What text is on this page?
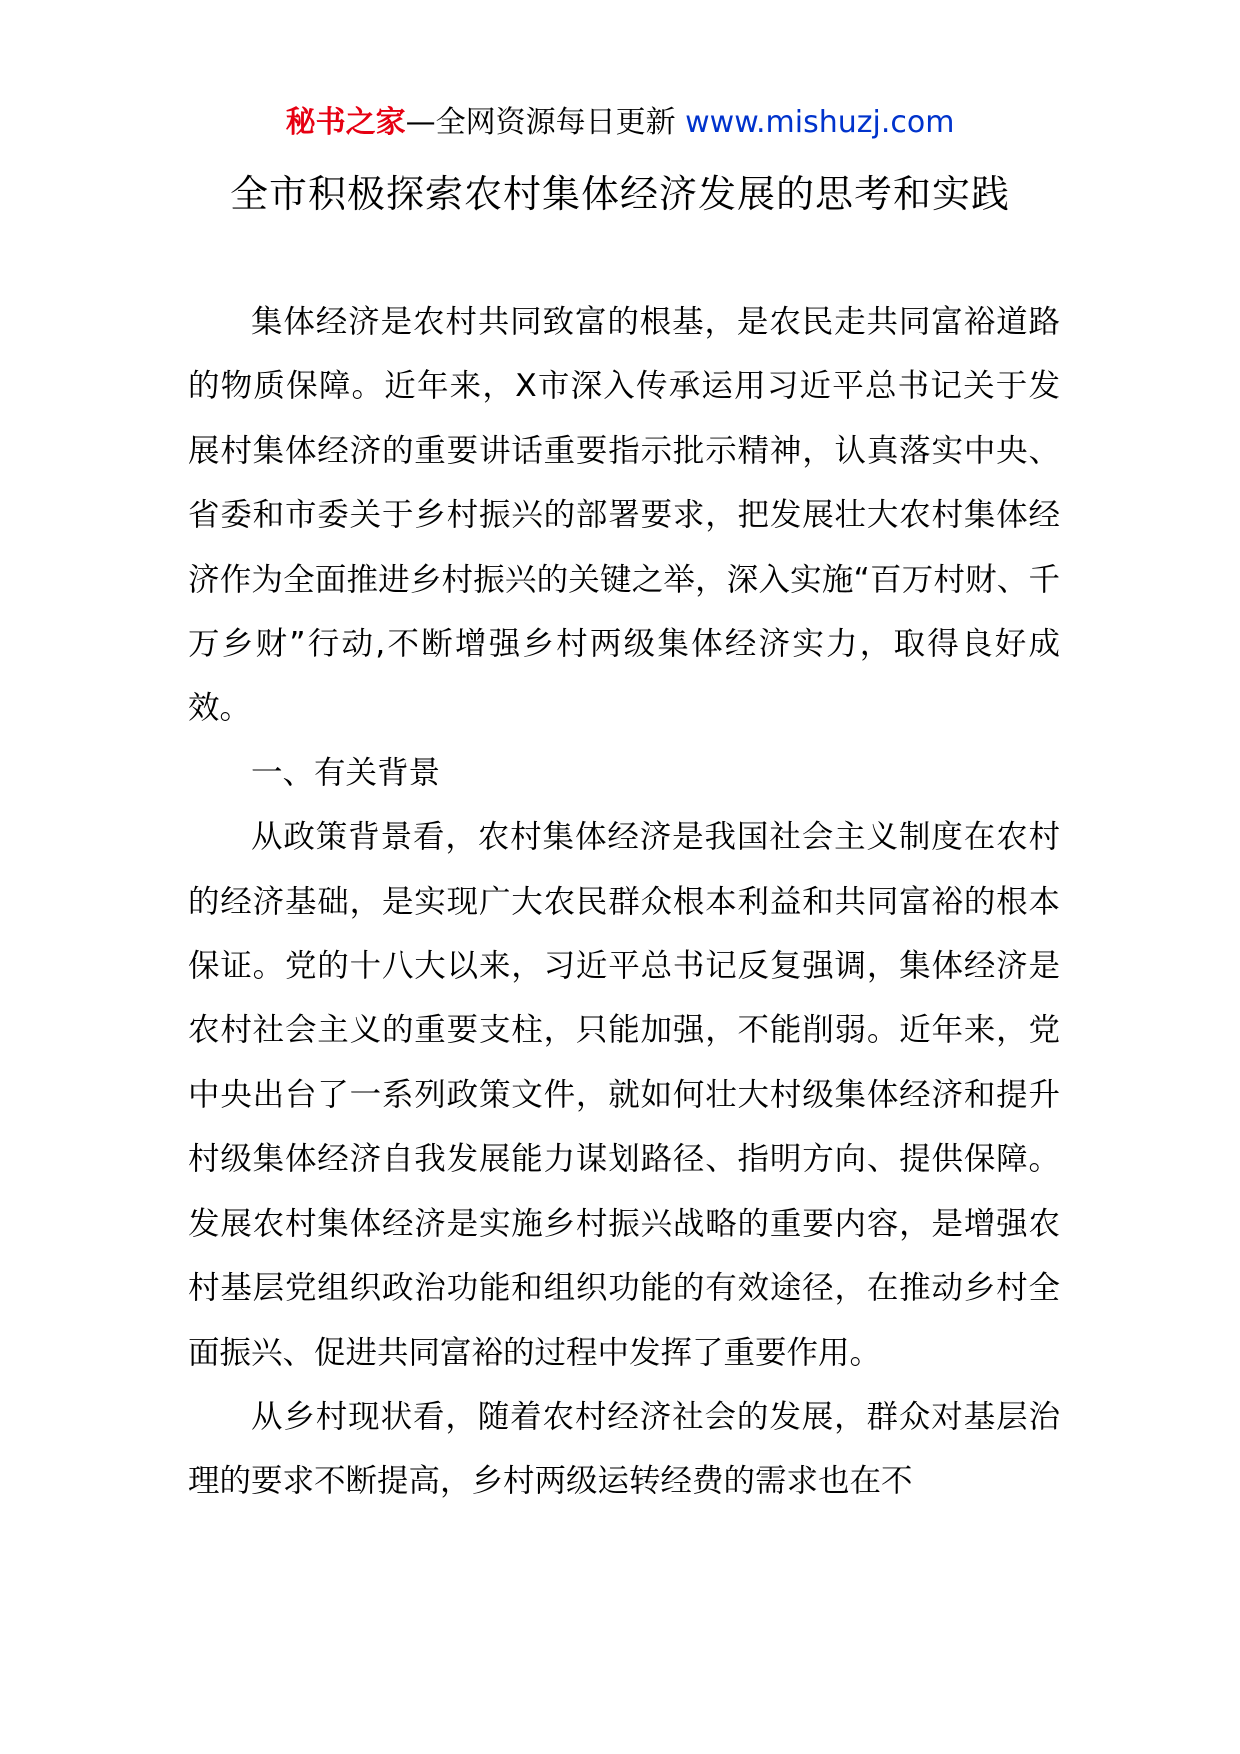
秘书之家—全网资源每日更新 www.mishuzj.com
全市积极探索农村集体经济发展的思考和实践

集体经济是农村共同致富的根基，是农民走共同富裕道路的物质保障。近年来，X市深入传承运用习近平总书记关于发展村集体经济的重要讲话重要指示批示精神，认真落实中央、省委和市委关于乡村振兴的部署要求，把发展壮大农村集体经济作为全面推进乡村振兴的关键之举，深入实施“百万村财、千万乡财”行动,不断增强乡村两级集体经济实力，取得良好成效。

一、有关背景

从政策背景看，农村集体经济是我国社会主义制度在农村的经济基础，是实现广大农民群众根本利益和共同富裕的根本保证。党的十八大以来，习近平总书记反复强调，集体经济是农村社会主义的重要支柱，只能加强，不能削弱。近年来，党中央出台了一系列政策文件，就如何壮大村级集体经济和提升村级集体经济自我发展能力谋划路径、指明方向、提供保障。发展农村集体经济是实施乡村振兴战略的重要内容，是增强农村基层党组织政治功能和组织功能的有效途径，在推动乡村全面振兴、促进共同富裕的过程中发挥了重要作用。

从乡村现状看，随着农村经济社会的发展，群众对基层治理的要求不断提高，乡村两级运转经费的需求也在不
